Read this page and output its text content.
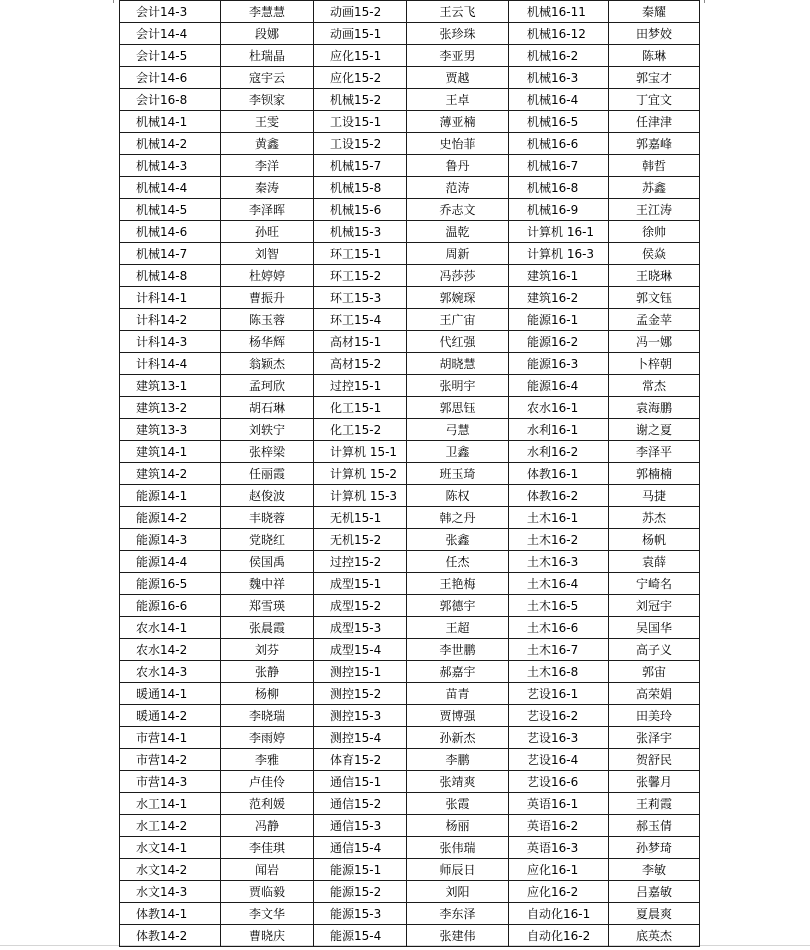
会计14-3	李慧慧	动画15-2	王云飞	机械16-11	秦耀
会计14-4	段娜	动画15-1	张珍珠	机械16-12	田梦姣
会计14-5	杜瑞晶	应化15-1	李亚男	机械16-2	陈琳
会计14-6	寇宇云	应化15-2	贾越	机械16-3	郭宝才
会计16-8	李钡家	机械15-2	王卓	机械16-4	丁宜文
机械14-1	王雯	工设15-1	薄亚楠	机械16-5	任津津
机械14-2	黄鑫	工设15-2	史怡菲	机械16-6	郭嘉峰
机械14-3	李洋	机械15-7	鲁丹	机械16-7	韩哲
机械14-4	秦涛	机械15-8	范涛	机械16-8	苏鑫
机械14-5	李泽晖	机械15-6	乔志文	机械16-9	王江涛
机械14-6	孙旺	机械15-3	温乾	计算机 16-1	徐帅
机械14-7	刘智	环工15-1	周新	计算机 16-3	侯焱
机械14-8	杜婷婷	环工15-2	冯莎莎	建筑16-1	王晓琳
计科14-1	曹振升	环工15-3	郭婉琛	建筑16-2	郭文钰
计科14-2	陈玉蓉	环工15-4	王广宙	能源16-1	孟金苹
计科14-3	杨华辉	高材15-1	代红强	能源16-2	冯一娜
计科14-4	翁颖杰	高材15-2	胡晓慧	能源16-3	卜梓朝
建筑13-1	孟珂欣	过控15-1	张明宇	能源16-4	常杰
建筑13-2	胡石琳	化工15-1	郭思钰	农水16-1	袁海鹏
建筑13-3	刘轶宁	化工15-2	弓慧	水利16-1	谢之夏
建筑14-1	张梓梁	计算机 15-1	卫鑫	水利16-2	李泽平
建筑14-2	任丽霞	计算机 15-2	班玉琦	体教16-1	郭楠楠
能源14-1	赵俊波	计算机 15-3	陈权	体教16-2	马捷
能源14-2	丰晓蓉	无机15-1	韩之丹	土木16-1	苏杰
能源14-3	党晓红	无机15-2	张鑫	土木16-2	杨帆
能源14-4	侯国禹	过控15-2	任杰	土木16-3	袁薛
能源16-5	魏中祥	成型15-1	王艳梅	土木16-4	宁崎名
能源16-6	郑雪瑛	成型15-2	郭德宇	土木16-5	刘冠宇
农水14-1	张晨霞	成型15-3	王超	土木16-6	吴国华
农水14-2	刘芬	成型15-4	李世鹏	土木16-7	高子义
农水14-3	张静	测控15-1	郝嘉宇	土木16-8	郭宙
暖通14-1	杨柳	测控15-2	苗青	艺设16-1	高荣娟
暖通14-2	李晓瑞	测控15-3	贾博强	艺设16-2	田美玲
市营14-1	李雨婷	测控15-4	孙新杰	艺设16-3	张泽宇
市营14-2	李雅	体育15-2	李鹏	艺设16-4	贺舒民
市营14-3	卢佳伶	通信15-1	张靖爽	艺设16-6	张馨月
水工14-1	范利媛	通信15-2	张霞	英语16-1	王莉霞
水工14-2	冯静	通信15-3	杨丽	英语16-2	郝玉倩
水文14-1	李佳琪	通信15-4	张伟瑞	英语16-3	孙梦琦
水文14-2	闻岩	能源15-1	师辰日	应化16-1	李敏
水文14-3	贾临毅	能源15-2	刘阳	应化16-2	吕嘉敏
体教14-1	李文华	能源15-3	李东泽	自动化16-1	夏晨爽
体教14-2	曹晓庆	能源15-4	张建伟	自动化16-2	底英杰
